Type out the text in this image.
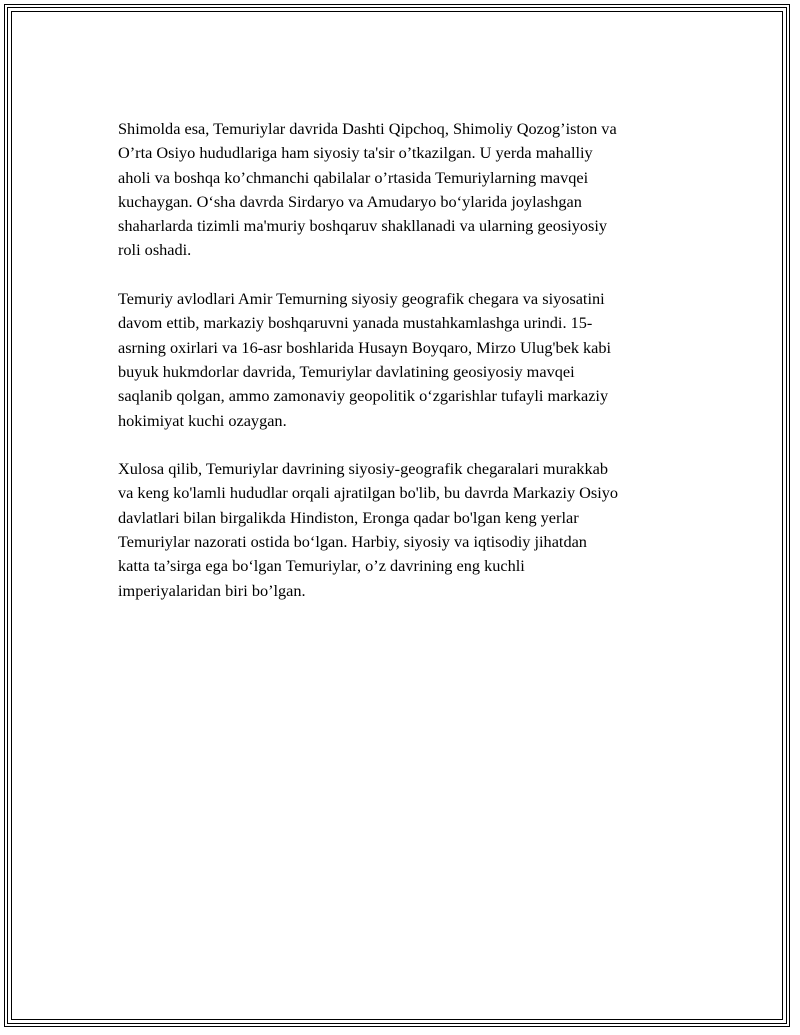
Shimolda esa, Temuriylar davrida Dashti Qipchoq, Shimoliy Qozog’iston va
O’rta Osiyo hududlariga ham siyosiy ta'sir o’tkazilgan. U yerda mahalliy
aholi va boshqa ko’chmanchi qabilalar o’rtasida Temuriylarning mavqei
kuchaygan. O‘sha davrda Sirdaryo va Amudaryo bo‘ylarida joylashgan
shaharlarda tizimli ma'muriy boshqaruv shakllanadi va ularning geosiyosiy
roli oshadi.

Temuriy avlodlari Amir Temurning siyosiy geografik chegara va siyosatini
davom ettib, markaziy boshqaruvni yanada mustahkamlashga urindi. 15-
asrning oxirlari va 16-asr boshlarida Husayn Boyqaro, Mirzo Ulug'bek kabi
buyuk hukmdorlar davrida, Temuriylar davlatining geosiyosiy mavqei
saqlanib qolgan, ammo zamonaviy geopolitik o‘zgarishlar tufayli markaziy
hokimiyat kuchi ozaygan.

Xulosa qilib, Temuriylar davrining siyosiy-geografik chegaralari murakkab
va keng ko'lamli hududlar orqali ajratilgan bo'lib, bu davrda Markaziy Osiyo
davlatlari bilan birgalikda Hindiston, Eronga qadar bo'lgan keng yerlar
Temuriylar nazorati ostida bo‘lgan. Harbiy, siyosiy va iqtisodiy jihatdan
katta ta’sirga ega bo‘lgan Temuriylar, o’z davrining eng kuchli
imperiyalaridan biri bo’lgan.
